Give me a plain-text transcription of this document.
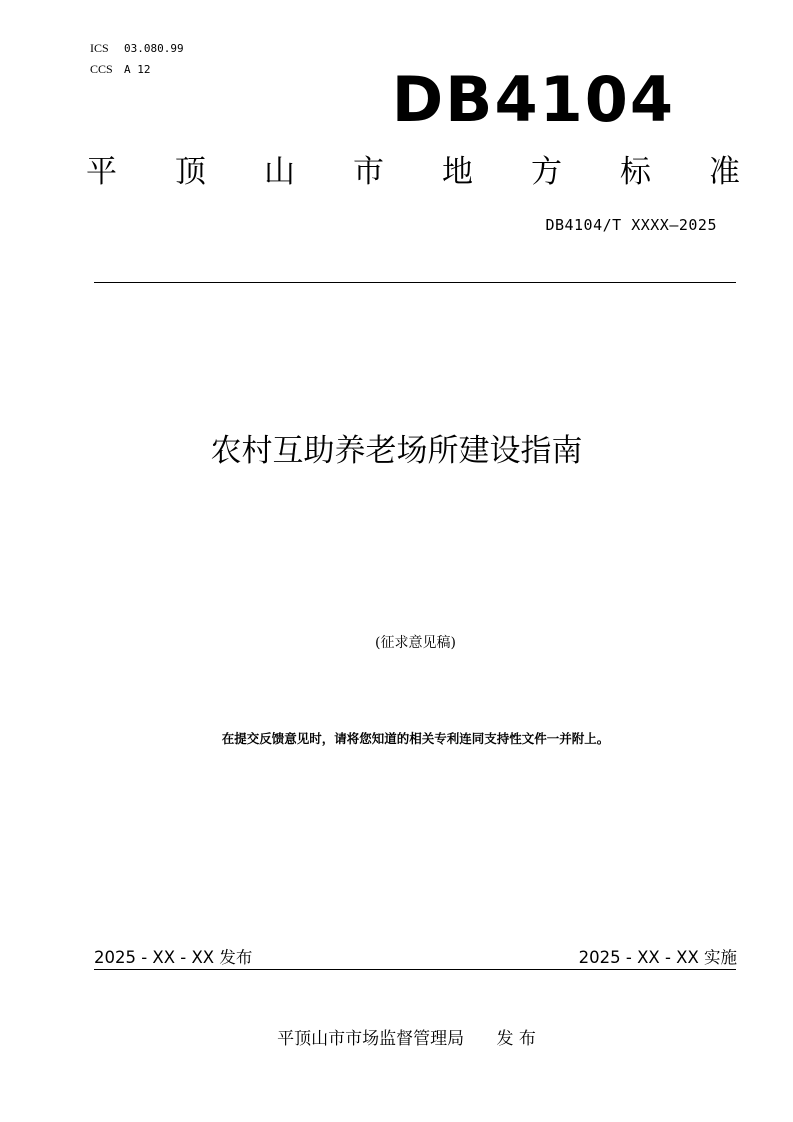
ICS 03.080.99
CCS A 12	DB4104
平 顶 山 市 地 方 标 准
DB4104/T XXXX—2025
农村互助养老场所建设指南
(征求意见稿)
在提交反馈意见时，请将您知道的相关专利连同支持性文件一并附上。
2025 - XX - XX 发布	2025 - XX - XX 实施
平顶山市市场监督管理局 发 布
